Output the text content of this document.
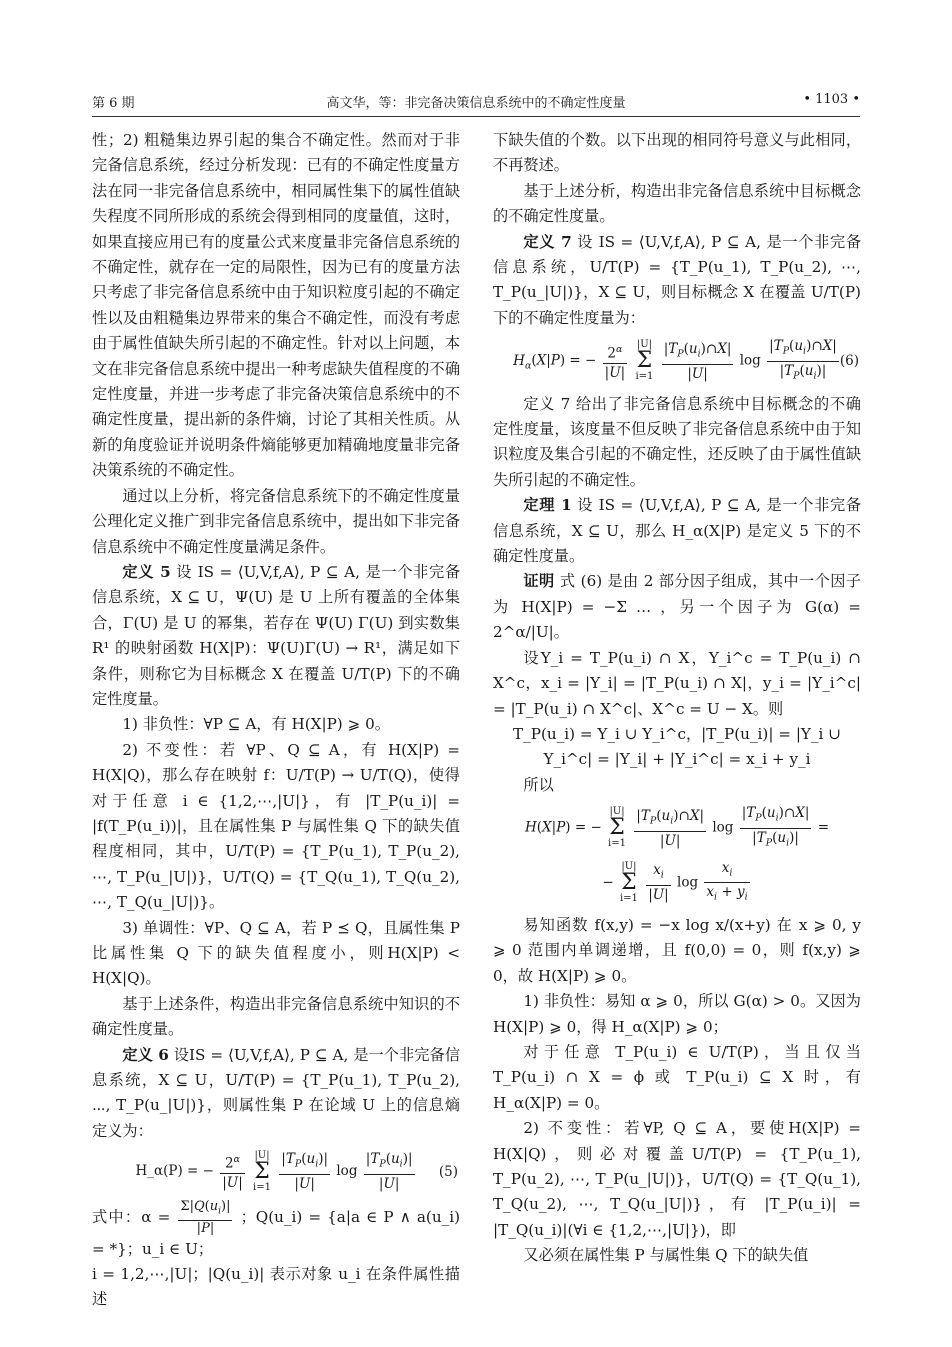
第 6 期	高文华，等：非完备决策信息系统中的不确定性度量	• 1103 •

性；2) 粗糙集边界引起的集合不确定性。然而对于非完备信息系统，经过分析发现：已有的不确定性度量方法在同一非完备信息系统中，相同属性集下的属性值缺失程度不同所形成的系统会得到相同的度量值，这时，如果直接应用已有的度量公式来度量非完备信息系统的不确定性，就存在一定的局限性，因为已有的度量方法只考虑了非完备信息系统中由于知识粒度引起的不确定性以及由粗糙集边界带来的集合不确定性，而没有考虑由于属性值缺失所引起的不确定性。针对以上问题，本文在非完备信息系统中提出一种考虑缺失值程度的不确定性度量，并进一步考虑了非完备决策信息系统中的不确定性度量，提出新的条件熵，讨论了其相关性质。从新的角度验证并说明条件熵能够更加精确地度量非完备决策系统的不确定性。

通过以上分析，将完备信息系统下的不确定性度量公理化定义推广到非完备信息系统中，提出如下非完备信息系统中不确定性度量满足条件。

定义 5 设 IS = ⟨U,V,f,A⟩, P ⊆ A, 是一个非完备信息系统，X ⊆ U，Ψ(U) 是 U 上所有覆盖的全体集合，Γ(U) 是 U 的幂集，若存在 Ψ(U) Γ(U) 到实数集 R¹ 的映射函数 H(X|P)：Ψ(U)Γ(U) → R¹，满足如下条件，则称它为目标概念 X 在覆盖 U/T(P) 下的不确定性度量。

1) 非负性：∀P ⊆ A，有 H(X|P) ⩾ 0。

2) 不变性：若 ∀P、Q ⊆ A，有 H(X|P) = H(X|Q)，那么存在映射 f：U/T(P) → U/T(Q)，使得对于任意 i ∈ {1,2,⋯,|U|}，有 |T_P(u_i)| = |f(T_P(u_i))|，且在属性集 P 与属性集 Q 下的缺失值程度相同，其中，U/T(P) = {T_P(u_1), T_P(u_2), ⋯, T_P(u_|U|)}，U/T(Q) = {T_Q(u_1), T_Q(u_2), ⋯, T_Q(u_|U|)}。

3) 单调性：∀P、Q ⊆ A，若 P ⪯ Q，且属性集 P 比属性集 Q 下的缺失值程度小，则H(X|P) < H(X|Q)。

基于上述条件，构造出非完备信息系统中知识的不确定性度量。

定义 6 设IS = ⟨U,V,f,A⟩, P ⊆ A, 是一个非完备信息系统，X ⊆ U，U/T(P) = {T_P(u_1), T_P(u_2), ⋯, T_P(u_|U|)}，则属性集 P 在论域 U 上的信息熵定义为：

H_α(P) = − $\frac{2^\alpha}{|U|} |U|$
Σ
$i=1 \frac{|T_P(u_i)|}{|U|}$ $\log \frac{|T_P(u_i)|}{|U|} (5)$

式中：$\alpha = \frac{\Sigma|Q(u_i)|}{|P|}$ ；Q(u_i) = {a|a ∈ P ∧ a(u_i) = *}；u_i ∈ U；

i = 1,2,⋯,|U|；|Q(u_i)| 表示对象 u_i 在条件属性描述

下缺失值的个数。以下出现的相同符号意义与此相同，不再赘述。

基于上述分析，构造出非完备信息系统中目标概念的不确定性度量。

定义 7 设 IS = ⟨U,V,f,A⟩, P ⊆ A, 是一个非完备信息系统，U/T(P) = {T_P(u_1), T_P(u_2), ⋯, T_P(u_|U|)}，X ⊆ U，则目标概念 X 在覆盖 U/T(P) 下的不确定性度量为：

$H_\alpha(X|P)$ = − $\frac{2^\alpha}{|U|} |U|$
Σ
$i=1 \frac{|T_P(u_i)\cap X|}{|U|}$ $\log \frac{|T_P(u_i)\cap X|}{|T_P(u_i)|} (6)$

定义 7 给出了非完备信息系统中目标概念的不确定性度量，该度量不但反映了非完备信息系统中由于知识粒度及集合引起的不确定性，还反映了由于属性值缺失所引起的不确定性。

定理 1 设 IS = ⟨U,V,f,A⟩, P ⊆ A, 是一个非完备信息系统，X ⊆ U，那么 H_α(X|P) 是定义 5 下的不确定性度量。

证明 式 (6) 是由 2 部分因子组成，其中一个因子为 H(X|P) = −Σ … ，另一个因子为 G(α) = 2^α/|U|。

设Y_i = T_P(u_i) ∩ X，Y_i^c = T_P(u_i) ∩ X^c，x_i = |Y_i| = |T_P(u_i) ∩ X|，y_i = |Y_i^c| = |T_P(u_i) ∩ X^c|、X^c = U − X。则

T_P(u_i) = Y_i ∪ Y_i^c，|T_P(u_i)| = |Y_i ∪ Y_i^c| = |Y_i| + |Y_i^c| = x_i + y_i

所以

H(X|P) = − |U|
Σ
$i=1 \frac{|T_P(u_i)\cap X|}{|U|}$ $\log \frac{|T_P(u_i)\cap X|}{|T_P(u_i)|}$ =
− |U|
Σ
$i=1 \frac{x_i}{|U|}$ $\log \frac{x_i}{x_i + y_i}$

易知函数 f(x,y) = −x log x/(x+y) 在 x ⩾ 0, y ⩾ 0 范围内单调递增，且 f(0,0) = 0，则 f(x,y) ⩾ 0，故 H(X|P) ⩾ 0。

1) 非负性：易知 α ⩾ 0，所以 G(α) > 0。又因为 H(X|P) ⩾ 0，得 H_α(X|P) ⩾ 0；

对于任意 T_P(u_i) ∈ U/T(P)，当且仅当 T_P(u_i) ∩ X = ϕ 或 T_P(u_i) ⊆ X 时，有 H_α(X|P) = 0。

2) 不变性：若∀P, Q ⊆ A，要使H(X|P) = H(X|Q)，则必对覆盖U/T(P) = {T_P(u_1), T_P(u_2), ⋯, T_P(u_|U|)}，U/T(Q) = {T_Q(u_1), T_Q(u_2), ⋯, T_Q(u_|U|)}，有 |T_P(u_i)| = |T_Q(u_i)|(∀i ∈ {1,2,⋯,|U|})，即

又必须在属性集 P 与属性集 Q 下的缺失值
